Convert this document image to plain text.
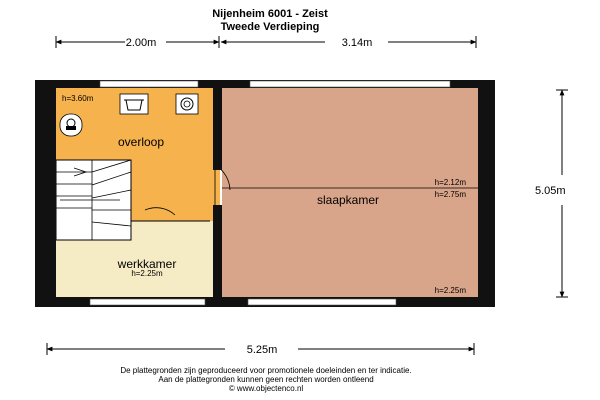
Nijenheim 6001 - Zeist
Tweede Verdieping
2.00m	3.14m
5.05m
5.25m
h=3.60m
overloop
werkkamer
h=2.25m
slaapkamer
h=2.12m
h=2.75m
h=2.25m
De plattegronden zijn geproduceerd voor promotionele doeleinden en ter indicatie.
Aan de plattegronden kunnen geen rechten worden ontleend
© www.objectenco.nl
